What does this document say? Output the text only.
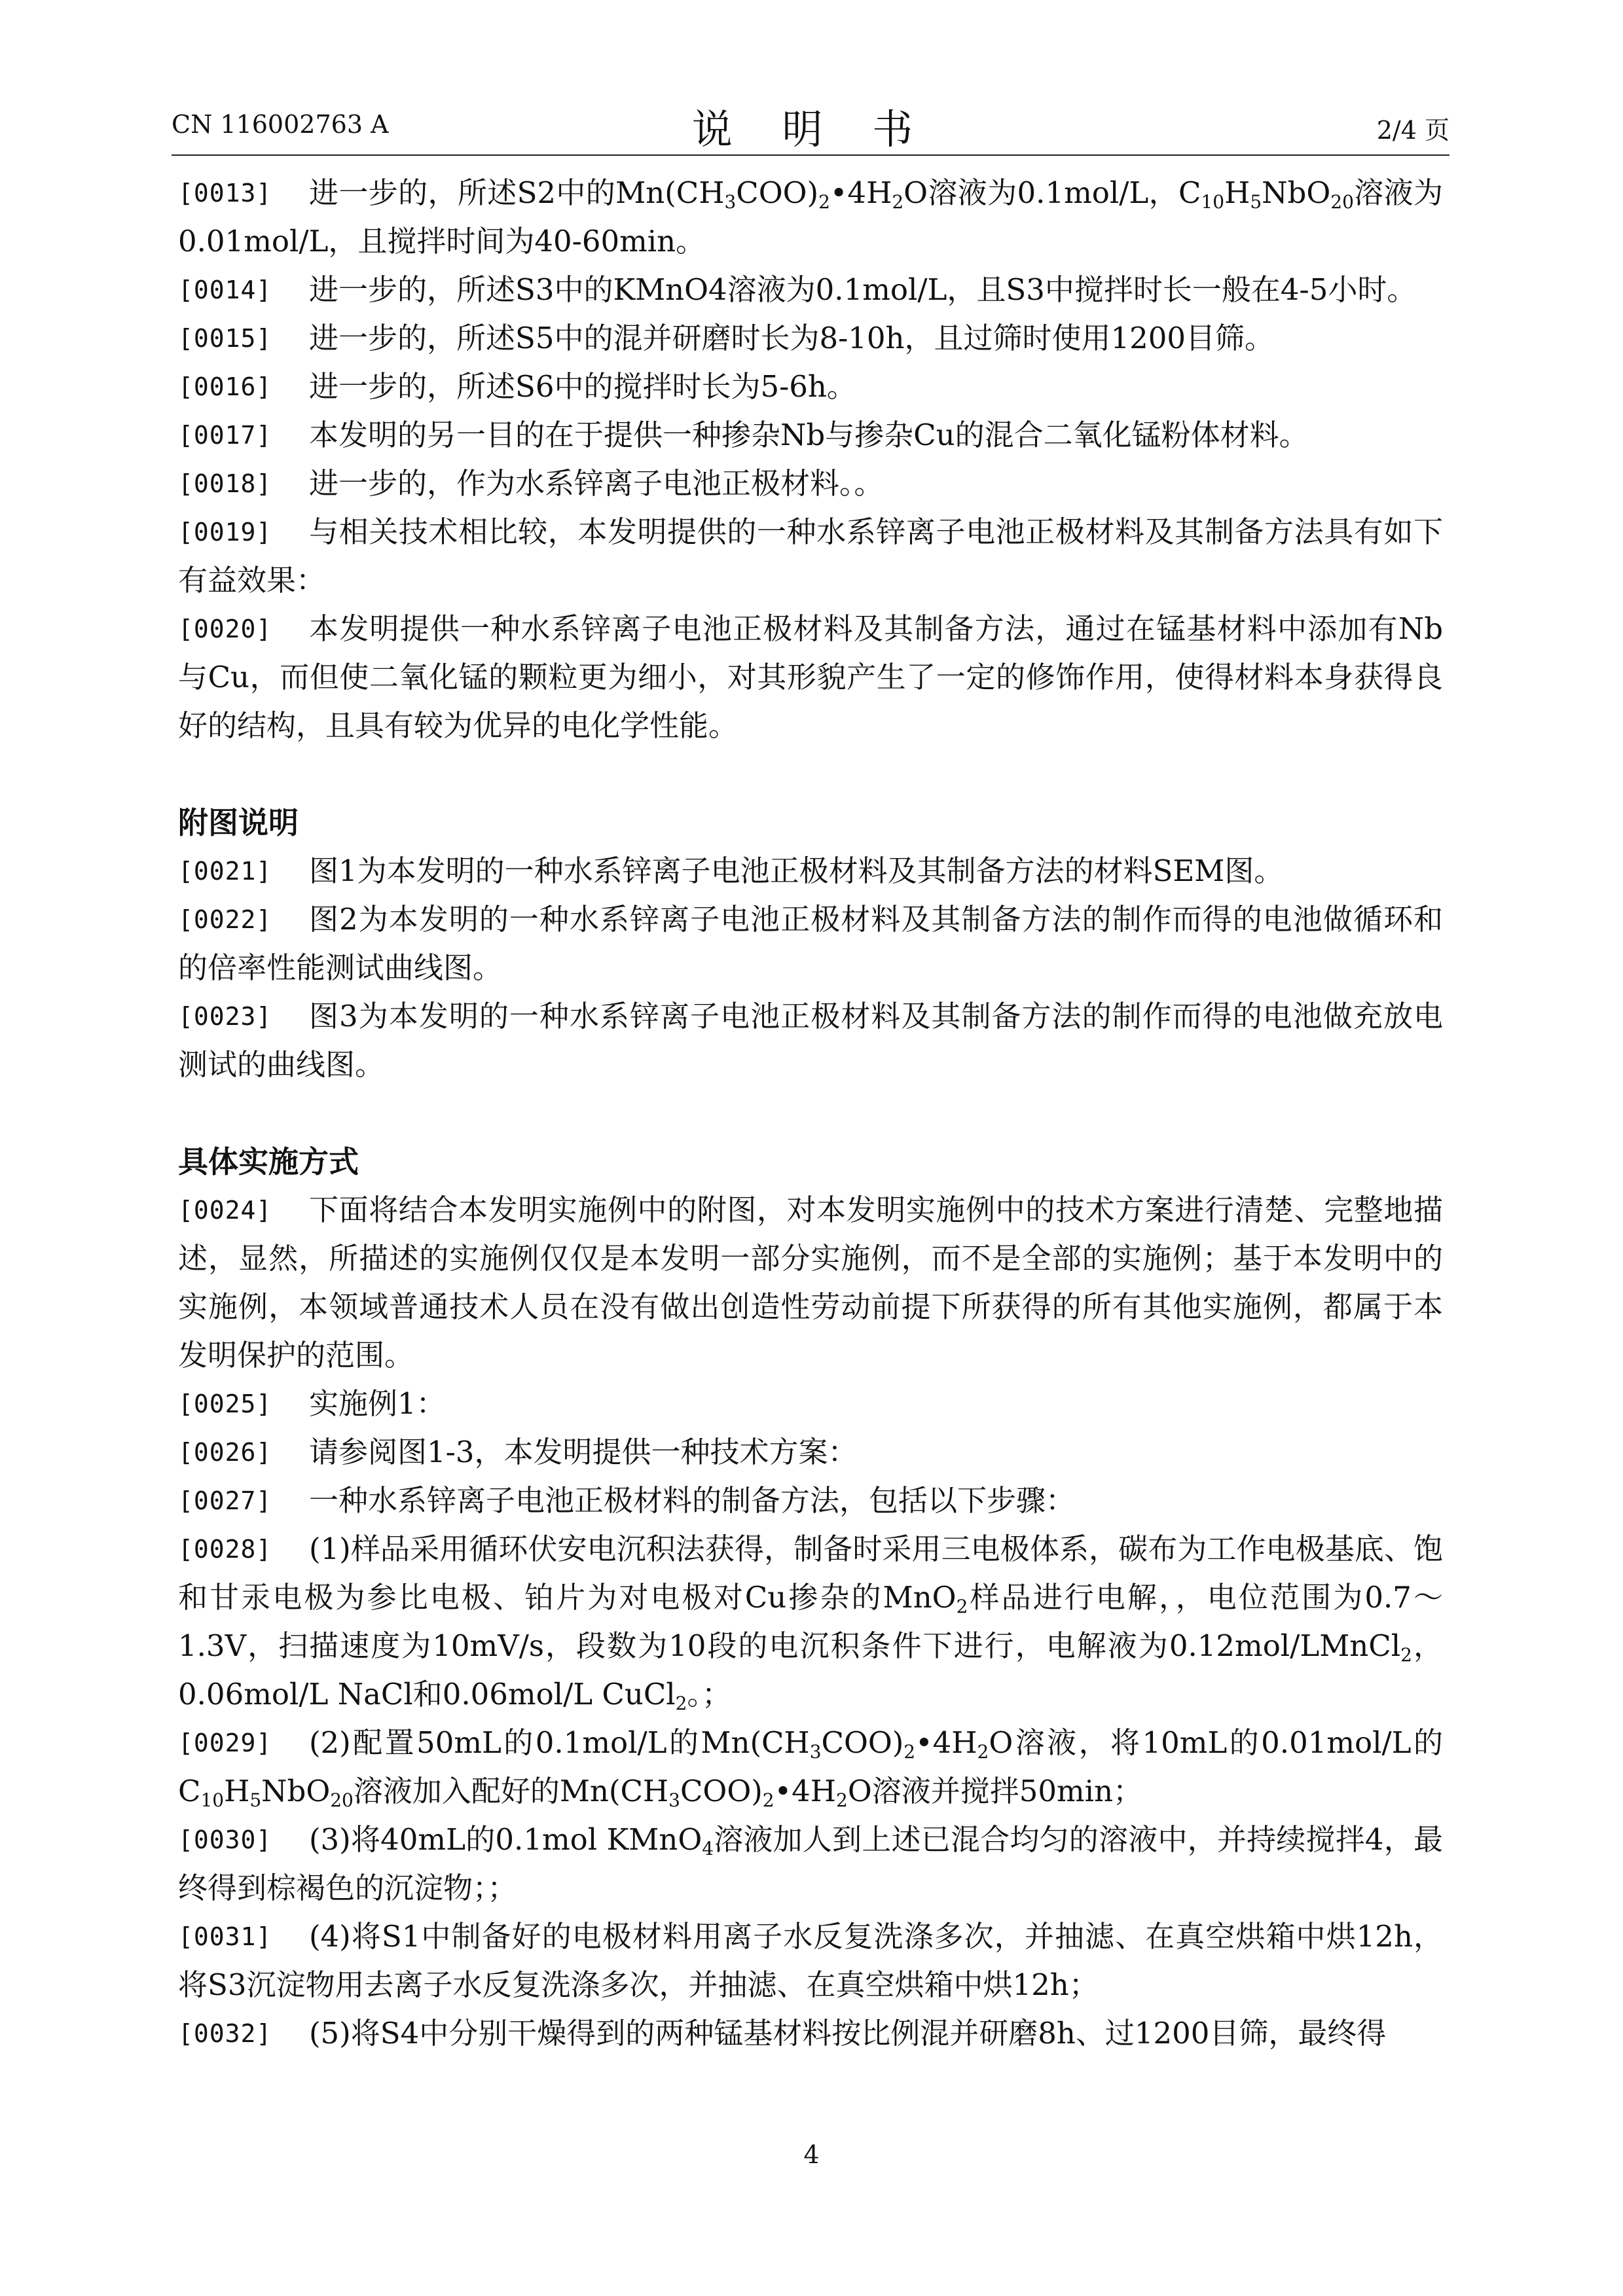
CN 116002763 A	说 明 书	2/4 页
[0013] 进一步的，所述S2中的$Mn(CH_3COO)_2•4H_2O$溶液为0.1mol/L，$C_{10}H_5NbO_{20}$溶液为0.01mol/L，且搅拌时间为40-60min。
[0014] 进一步的，所述S3中的KMnO4溶液为0.1mol/L，且S3中搅拌时长一般在4-5小时。
[0015] 进一步的，所述S5中的混并研磨时长为8-10h，且过筛时使用1200目筛。
[0016] 进一步的，所述S6中的搅拌时长为5-6h。
[0017] 本发明的另一目的在于提供一种掺杂Nb与掺杂Cu的混合二氧化锰粉体材料。
[0018] 进一步的，作为水系锌离子电池正极材料。。
[0019] 与相关技术相比较，本发明提供的一种水系锌离子电池正极材料及其制备方法具有如下有益效果：
[0020] 本发明提供一种水系锌离子电池正极材料及其制备方法，通过在锰基材料中添加有Nb与Cu，而但使二氧化锰的颗粒更为细小，对其形貌产生了一定的修饰作用，使得材料本身获得良好的结构，且具有较为优异的电化学性能。
附图说明
[0021] 图1为本发明的一种水系锌离子电池正极材料及其制备方法的材料SEM图。
[0022] 图2为本发明的一种水系锌离子电池正极材料及其制备方法的制作而得的电池做循环和的倍率性能测试曲线图。
[0023] 图3为本发明的一种水系锌离子电池正极材料及其制备方法的制作而得的电池做充放电测试的曲线图。
具体实施方式
[0024] 下面将结合本发明实施例中的附图，对本发明实施例中的技术方案进行清楚、完整地描述，显然，所描述的实施例仅仅是本发明一部分实施例，而不是全部的实施例；基于本发明中的实施例，本领域普通技术人员在没有做出创造性劳动前提下所获得的所有其他实施例，都属于本发明保护的范围。
[0025] 实施例1：
[0026] 请参阅图1-3，本发明提供一种技术方案：
[0027] 一种水系锌离子电池正极材料的制备方法，包括以下步骤：
[0028] (1)样品采用循环伏安电沉积法获得，制备时采用三电极体系，碳布为工作电极基底、饱和甘汞电极为参比电极、铂片为对电极对Cu掺杂的MnO$_2$样品进行电解，，电位范围为0.7～1.3V，扫描速度为10mV/s，段数为10段的电沉积条件下进行，电解液为0.12mol/LMnCl$_2$，0.06mol/L NaCl和0.06mol/L CuCl$_2$。；
[0029] (2)配置50mL的0.1mol/L的$Mn(CH_3COO)_2•4H_2O$溶液，将10mL的0.01mol/L的$C_{10}H_5NbO_{20}$溶液加入配好的$Mn(CH_3COO)_2•4H_2O$溶液并搅拌50min；
[0030] (3)将40mL的0.1mol KMnO$_4$溶液加人到上述已混合均匀的溶液中，并持续搅拌4，最终得到棕褐色的沉淀物；；
[0031] (4)将S1中制备好的电极材料用离子水反复洗涤多次，并抽滤、在真空烘箱中烘12h，将S3沉淀物用去离子水反复洗涤多次，并抽滤、在真空烘箱中烘12h；
[0032] (5)将S4中分别干燥得到的两种锰基材料按比例混并研磨8h、过1200目筛，最终得
4
